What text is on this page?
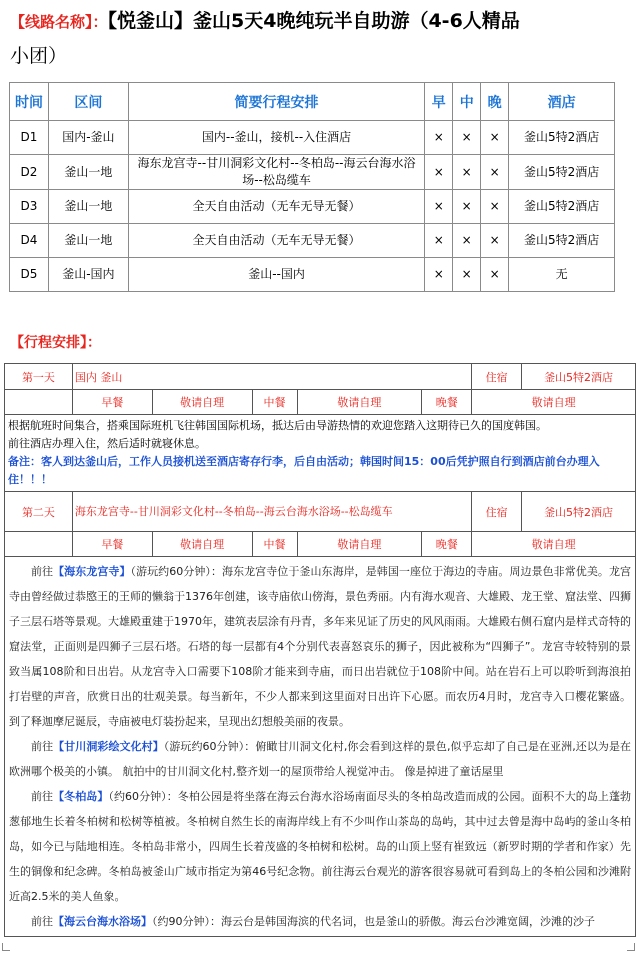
【线路名称】：【悦釜山】釜山5天4晚纯玩半自助游（4-6人精品
小团）
时间	区间	简要行程安排	早	中	晚	酒店
D1	国内-釜山	国内--釜山，接机--入住酒店	×	×	×	釜山5特2酒店
D2	釜山一地	海东龙宫寺--甘川洞彩文化村--冬柏岛--海云台海水浴场--松岛缆车	×	×	×	釜山5特2酒店
D3	釜山一地	全天自由活动（无车无导无餐）	×	×	×	釜山5特2酒店
D4	釜山一地	全天自由活动（无车无导无餐）	×	×	×	釜山5特2酒店
D5	釜山-国内	釜山--国内	×	×	×	无
【行程安排】：
第一天	国内 釜山					住宿	釜山5特2酒店
	早餐	敬请自理	中餐	敬请自理	晚餐	敬请自理	

根据航班时间集合，搭乘国际班机飞往韩国国际机场，抵达后由导游热情的欢迎您踏入这期待已久的国度韩国。
前往酒店办理入住，然后适时就寝休息。
备注：客人到达釜山后，工作人员接机送至酒店寄存行李，后自由活动；韩国时间15：00后凭护照自行到酒店前台办理入住！！！							

第二天	海东龙宫寺--甘川洞彩文化村--冬柏岛--海云台海水浴场--松岛缆车					住宿	釜山5特2酒店
	早餐	敬请自理	中餐	敬请自理	晚餐	敬请自理	

前往【海东龙宫寺】（游玩约60分钟）：海东龙宫寺位于釜山东海岸，是韩国一座位于海边的寺庙。周边景色非常优美。龙宫寺由曾经做过恭愍王的王师的懒翁于1376年创建，该寺庙依山傍海，景色秀丽。内有海水观音、大雄殿、龙王堂、窟法堂、四狮子三层石塔等景观。大雄殿重建于1970年，建筑表层涂有丹青，多年来见证了历史的风风雨雨。大雄殿右侧石窟内是样式奇特的窟法堂，正面则是四狮子三层石塔。石塔的每一层都有4个分别代表喜怒哀乐的狮子，因此被称为“四狮子”。龙宫寺较特别的景致当属108阶和日出岩。从龙宫寺入口需要下108阶才能来到寺庙，而日出岩就位于108阶中间。站在岩石上可以聆听到海浪拍打岩壁的声音，欣赏日出的壮观美景。每当新年，不少人都来到这里面对日出许下心愿。而农历4月时，龙宫寺入口樱花繁盛。到了释迦摩尼诞辰，寺庙被电灯装扮起来，呈现出幻想般美丽的夜景。

前往【甘川洞彩绘文化村】（游玩约60分钟）：俯瞰甘川洞文化村,你会看到这样的景色,似乎忘却了自己是在亚洲,还以为是在欧洲哪个极美的小镇。 航拍中的甘川洞文化村,整齐划一的屋顶带给人视觉冲击。 像是掉进了童话屋里

前往【冬柏岛】（约60分钟）：冬柏公园是将坐落在海云台海水浴场南面尽头的冬柏岛改造而成的公园。面积不大的岛上蓬勃葱郁地生长着冬柏树和松树等植被。冬柏树自然生长的南海岸线上有不少叫作山茶岛的岛屿，其中过去曾是海中岛屿的釜山冬柏岛，如今已与陆地相连。冬柏岛非常小，四周生长着茂盛的冬柏树和松树。岛的山顶上竖有崔致远（新罗时期的学者和作家）先生的铜像和纪念碑。冬柏岛被釜山广域市指定为第46号纪念物。前往海云台观光的游客很容易就可看到岛上的冬柏公园和沙滩附近高2.5米的美人鱼象。

前往【海云台海水浴场】（约90分钟）：海云台是韩国海滨的代名词，也是釜山的骄傲。海云台沙滩宽阔，沙滩的沙子							
